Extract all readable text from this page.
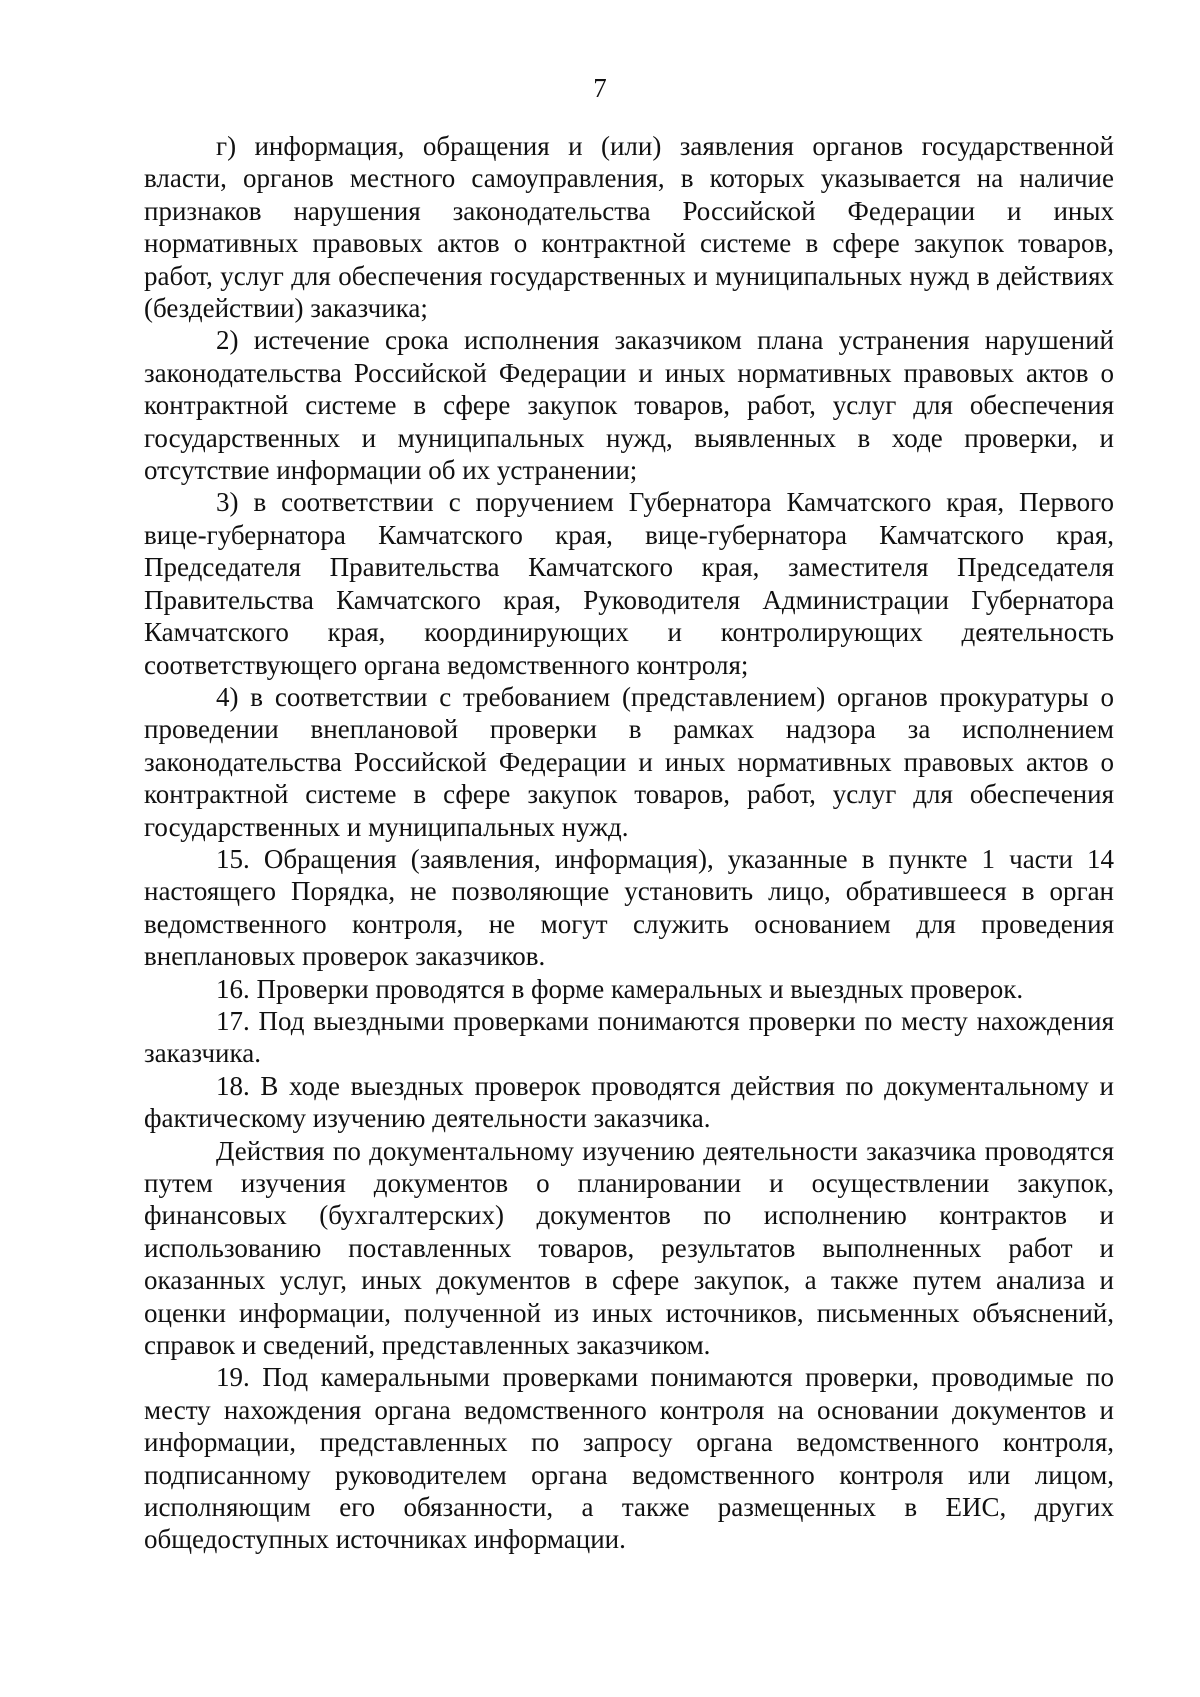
7

г) информация, обращения и (или) заявления органов государственной власти, органов местного самоуправления, в которых указывается на наличие признаков нарушения законодательства Российской Федерации и иных нормативных правовых актов о контрактной системе в сфере закупок товаров, работ, услуг для обеспечения государственных и муниципальных нужд в действиях (бездействии) заказчика;

2) истечение срока исполнения заказчиком плана устранения нарушений законодательства Российской Федерации и иных нормативных правовых актов о контрактной системе в сфере закупок товаров, работ, услуг для обеспечения государственных и муниципальных нужд, выявленных в ходе проверки, и отсутствие информации об их устранении;

3) в соответствии с поручением Губернатора Камчатского края, Первого вице-губернатора Камчатского края, вице-губернатора Камчатского края, Председателя Правительства Камчатского края, заместителя Председателя Правительства Камчатского края, Руководителя Администрации Губернатора Камчатского края, координирующих и контролирующих деятельность соответствующего органа ведомственного контроля;

4) в соответствии с требованием (представлением) органов прокуратуры о проведении внеплановой проверки в рамках надзора за исполнением законодательства Российской Федерации и иных нормативных правовых актов о контрактной системе в сфере закупок товаров, работ, услуг для обеспечения государственных и муниципальных нужд.

15. Обращения (заявления, информация), указанные в пункте 1 части 14 настоящего Порядка, не позволяющие установить лицо, обратившееся в орган ведомственного контроля, не могут служить основанием для проведения внеплановых проверок заказчиков.

16. Проверки проводятся в форме камеральных и выездных проверок.

17. Под выездными проверками понимаются проверки по месту нахождения заказчика.

18. В ходе выездных проверок проводятся действия по документальному и фактическому изучению деятельности заказчика.

Действия по документальному изучению деятельности заказчика проводятся путем изучения документов о планировании и осуществлении закупок, финансовых (бухгалтерских) документов по исполнению контрактов и использованию поставленных товаров, результатов выполненных работ и оказанных услуг, иных документов в сфере закупок, а также путем анализа и оценки информации, полученной из иных источников, письменных объяснений, справок и сведений, представленных заказчиком.

19. Под камеральными проверками понимаются проверки, проводимые по месту нахождения органа ведомственного контроля на основании документов и информации, представленных по запросу органа ведомственного контроля, подписанному руководителем органа ведомственного контроля или лицом, исполняющим его обязанности, а также размещенных в ЕИС, других общедоступных источниках информации.
